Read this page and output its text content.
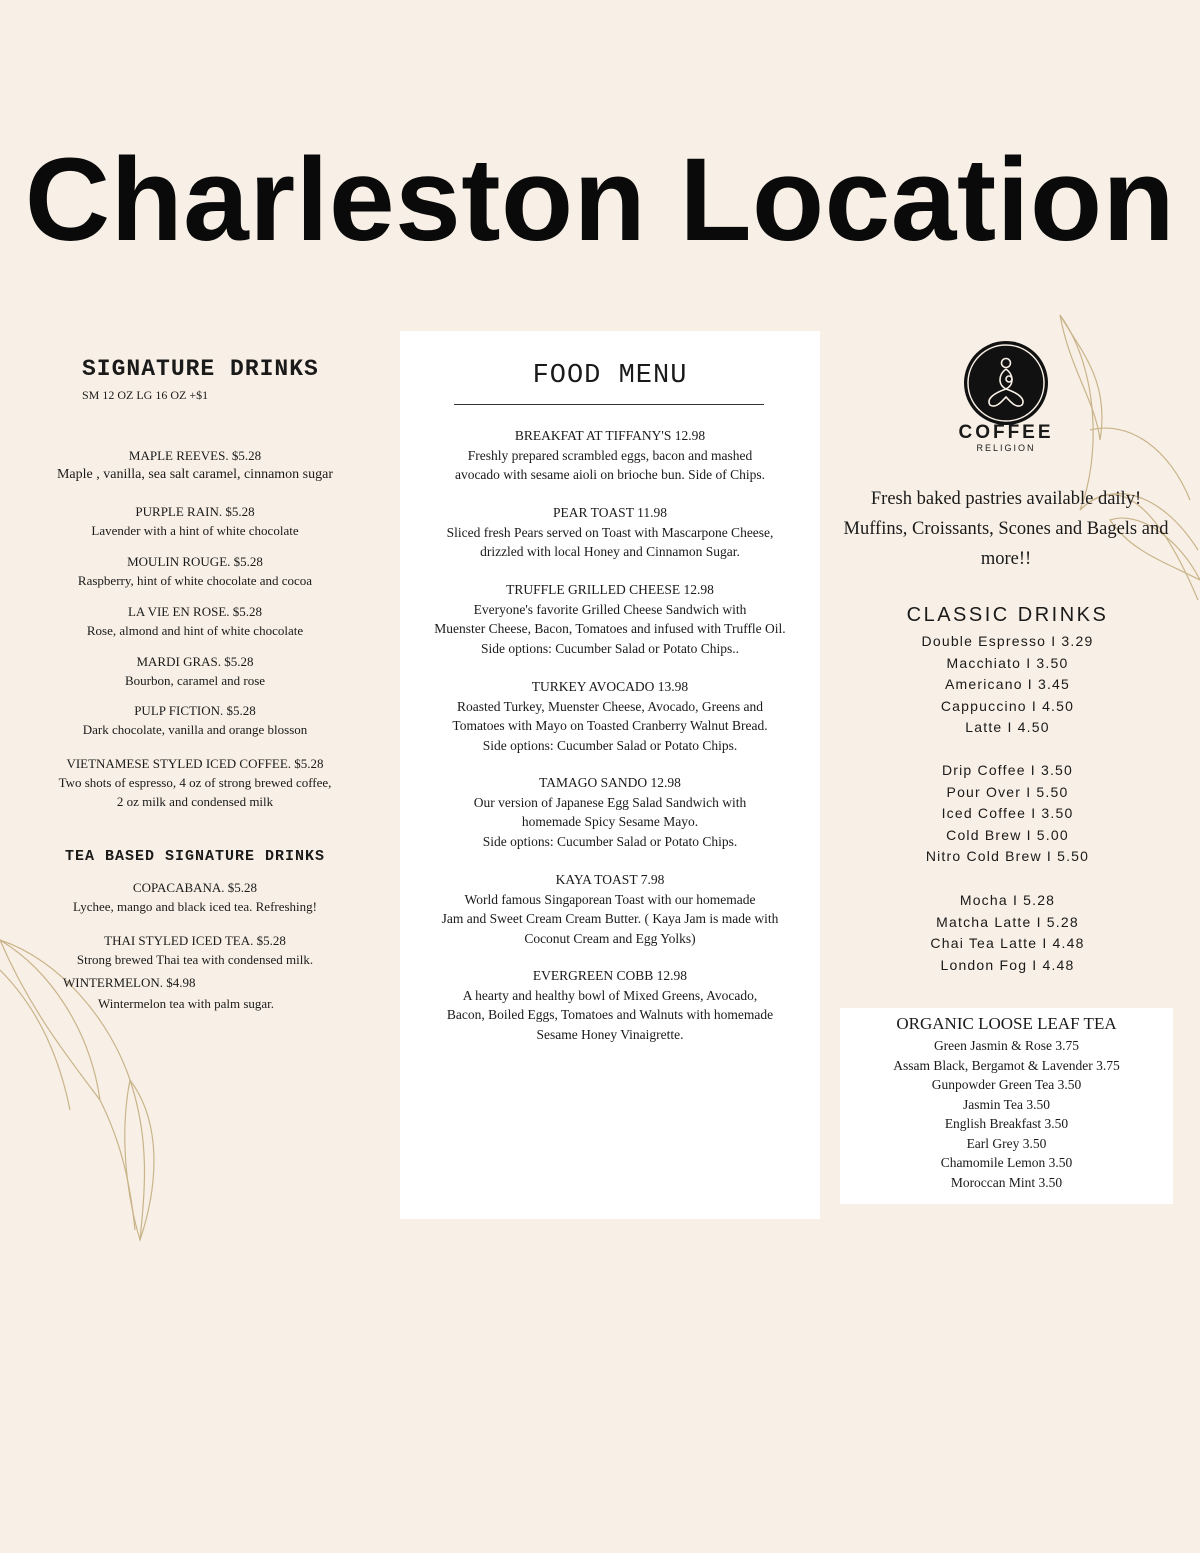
Charleston Location
SIGNATURE DRINKS
SM 12 OZ LG 16 OZ +$1
MAPLE REEVES. $5.28
Maple , vanilla, sea salt caramel, cinnamon sugar
PURPLE RAIN. $5.28
Lavender with a hint of white chocolate
MOULIN ROUGE. $5.28
Raspberry, hint of white chocolate and cocoa
LA VIE EN ROSE. $5.28
Rose, almond and hint of white chocolate
MARDI GRAS. $5.28
Bourbon, caramel and rose
PULP FICTION. $5.28
Dark chocolate, vanilla and orange blosson
VIETNAMESE STYLED ICED COFFEE. $5.28
Two shots of espresso, 4 oz of strong brewed coffee,
2 oz milk and condensed milk
TEA BASED SIGNATURE DRINKS
COPACABANA. $5.28
Lychee, mango and black iced tea. Refreshing!
THAI STYLED ICED TEA. $5.28
Strong brewed Thai tea with condensed milk.
WINTERMELON. $4.98
Wintermelon tea with palm sugar.
FOOD MENU
BREAKFAT AT TIFFANY'S 12.98
Freshly prepared scrambled eggs, bacon and mashed
avocado with sesame aioli on brioche bun. Side of Chips.
PEAR TOAST 11.98
Sliced fresh Pears served on Toast with Mascarpone Cheese,
drizzled with local Honey and Cinnamon Sugar.
TRUFFLE GRILLED CHEESE 12.98
Everyone's favorite Grilled Cheese Sandwich with
Muenster Cheese, Bacon, Tomatoes and infused with Truffle Oil.
Side options: Cucumber Salad or Potato Chips..
TURKEY AVOCADO 13.98
Roasted Turkey, Muenster Cheese, Avocado, Greens and
Tomatoes with Mayo on Toasted Cranberry Walnut Bread.
Side options: Cucumber Salad or Potato Chips.
TAMAGO SANDO 12.98
Our version of Japanese Egg Salad Sandwich with
homemade Spicy Sesame Mayo.
Side options: Cucumber Salad or Potato Chips.
KAYA TOAST 7.98
World famous Singaporean Toast with our homemade
Jam and Sweet Cream Cream Butter. ( Kaya Jam is made with
Coconut Cream and Egg Yolks)
EVERGREEN COBB 12.98
A hearty and healthy bowl of Mixed Greens, Avocado,
Bacon, Boiled Eggs, Tomatoes and Walnuts with homemade
Sesame Honey Vinaigrette.
COFFEE
RELIGION
Fresh baked pastries available daily!
Muffins, Croissants, Scones and Bagels and
more!!
CLASSIC DRINKS
Double Espresso I 3.29
Macchiato I 3.50
Americano I 3.45
Cappuccino I 4.50
Latte I 4.50
Drip Coffee I 3.50
Pour Over I 5.50
Iced Coffee I 3.50
Cold Brew I 5.00
Nitro Cold Brew I 5.50
Mocha I 5.28
Matcha Latte I 5.28
Chai Tea Latte I 4.48
London Fog I 4.48
ORGANIC LOOSE LEAF TEA
Green Jasmin & Rose 3.75
Assam Black, Bergamot & Lavender 3.75
Gunpowder Green Tea 3.50
Jasmin Tea 3.50
English Breakfast 3.50
Earl Grey 3.50
Chamomile Lemon 3.50
Moroccan Mint 3.50
